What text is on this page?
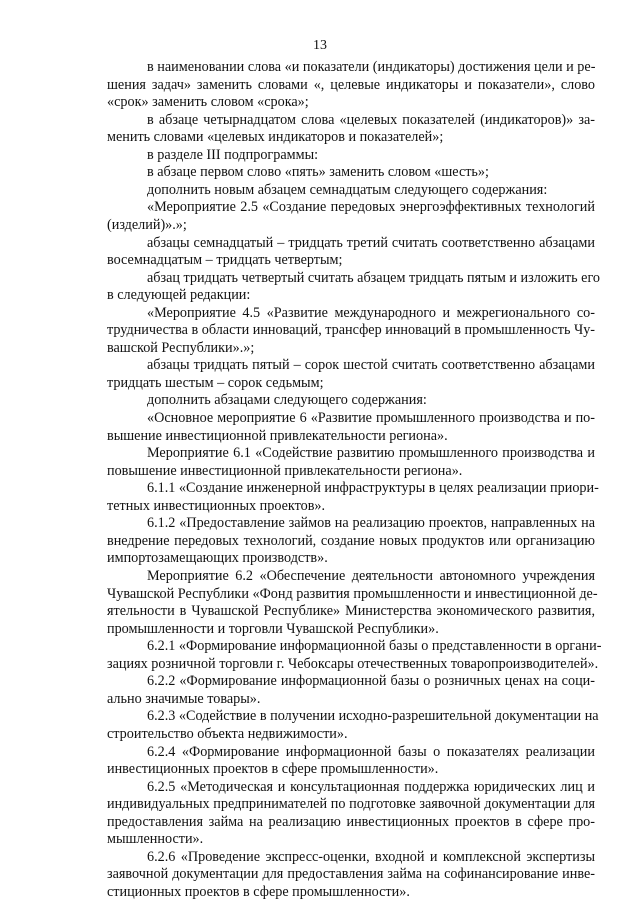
13
в наименовании слова «и показатели (индикаторы) достижения цели и ре-
шения задач» заменить словами «, целевые индикаторы и показатели», слово
«срок» заменить словом «срока»;
в абзаце четырнадцатом слова «целевых показателей (индикаторов)» за-
менить словами «целевых индикаторов и показателей»;
в разделе III подпрограммы:
в абзаце первом слово «пять» заменить словом «шесть»;
дополнить новым абзацем семнадцатым следующего содержания:
«Мероприятие 2.5 «Создание передовых энергоэффективных технологий
(изделий)».»;
абзацы семнадцатый – тридцать третий считать соответственно абзацами
восемнадцатым – тридцать четвертым;
абзац тридцать четвертый считать абзацем тридцать пятым и изложить его
в следующей редакции:
«Мероприятие 4.5 «Развитие международного и межрегионального со-
трудничества в области инноваций, трансфер инноваций в промышленность Чу-
вашской Республики».»;
абзацы тридцать пятый – сорок шестой считать соответственно абзацами
тридцать шестым – сорок седьмым;
дополнить абзацами следующего содержания:
«Основное мероприятие 6 «Развитие промышленного производства и по-
вышение инвестиционной привлекательности региона».
Мероприятие 6.1 «Содействие развитию промышленного производства и
повышение инвестиционной привлекательности региона».
6.1.1 «Создание инженерной инфраструктуры в целях реализации приори-
тетных инвестиционных проектов».
6.1.2 «Предоставление займов на реализацию проектов, направленных на
внедрение передовых технологий, создание новых продуктов или организацию
импортозамещающих производств».
Мероприятие 6.2 «Обеспечение деятельности автономного учреждения
Чувашской Республики «Фонд развития промышленности и инвестиционной де-
ятельности в Чувашской Республике» Министерства экономического развития,
промышленности и торговли Чувашской Республики».
6.2.1 «Формирование информационной базы о представленности в органи-
зациях розничной торговли г. Чебоксары отечественных товаропроизводителей».
6.2.2 «Формирование информационной базы о розничных ценах на соци-
ально значимые товары».
6.2.3 «Содействие в получении исходно-разрешительной документации на
строительство объекта недвижимости».
6.2.4 «Формирование информационной базы о показателях реализации
инвестиционных проектов в сфере промышленности».
6.2.5 «Методическая и консультационная поддержка юридических лиц и
индивидуальных предпринимателей по подготовке заявочной документации для
предоставления займа на реализацию инвестиционных проектов в сфере про-
мышленности».
6.2.6 «Проведение экспресс-оценки, входной и комплексной экспертизы
заявочной документации для предоставления займа на софинансирование инве-
стиционных проектов в сфере промышленности».
